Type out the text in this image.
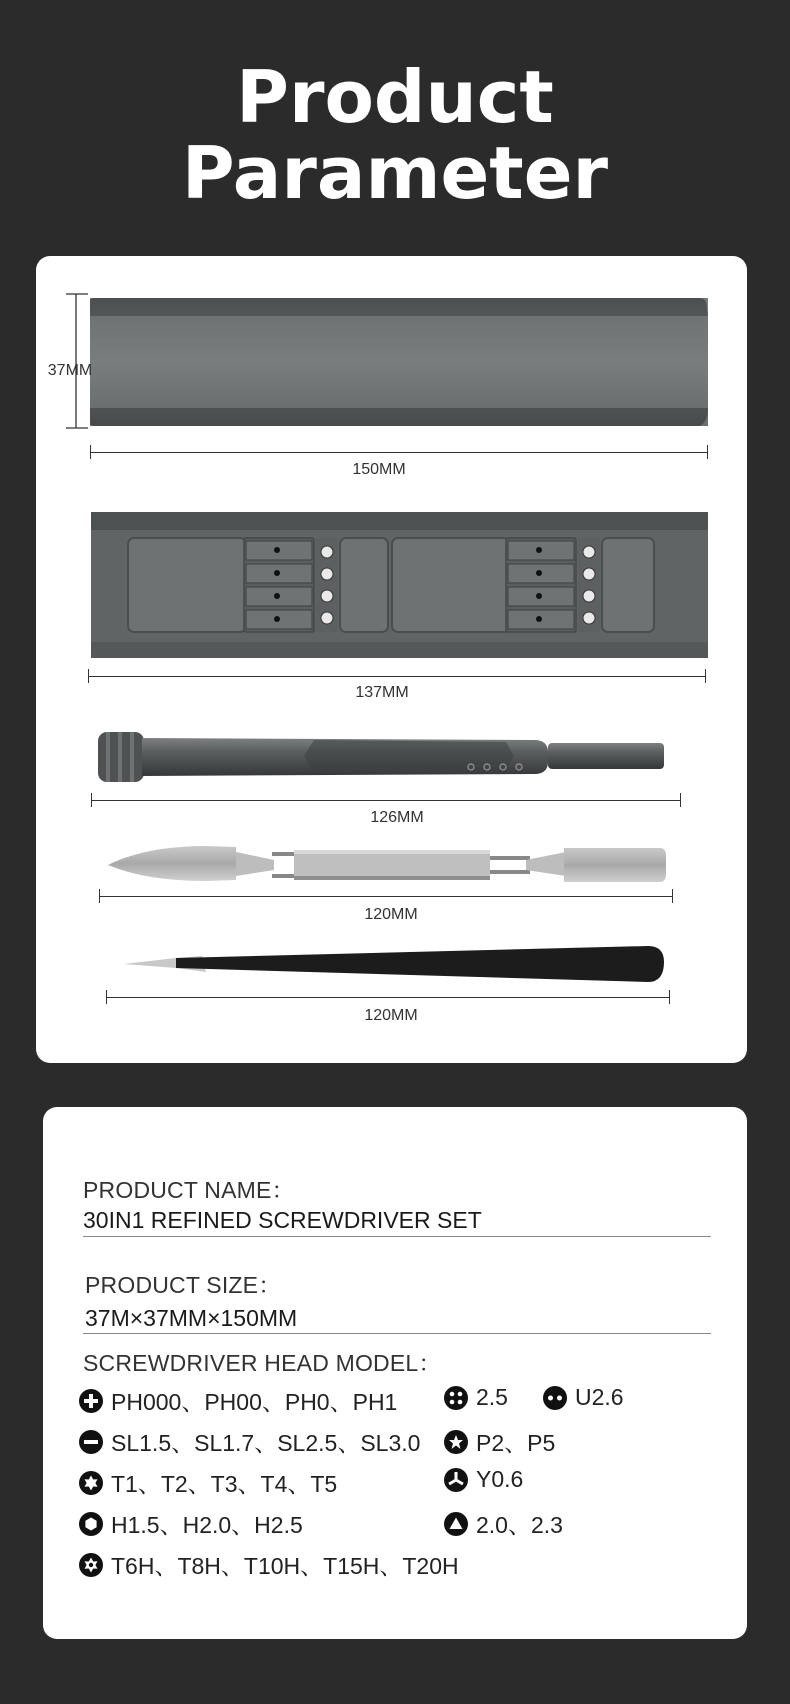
Product
Parameter
37MM
150MM
137MM
126MM
120MM
120MM
PRODUCT NAME：
30IN1 REFINED SCREWDRIVER SET
PRODUCT SIZE：
37M×37MM×150MM
SCREWDRIVER HEAD MODEL：
PH000、PH00、PH0、PH1	2.5	U2.6
SL1.5、SL1.7、SL2.5、SL3.0 P2、P5
T1、T2、T3、T4、T5	Y0.6
H1.5、H2.0、H2.5	2.0、2.3
T6H、T8H、T10H、T15H、T20H
